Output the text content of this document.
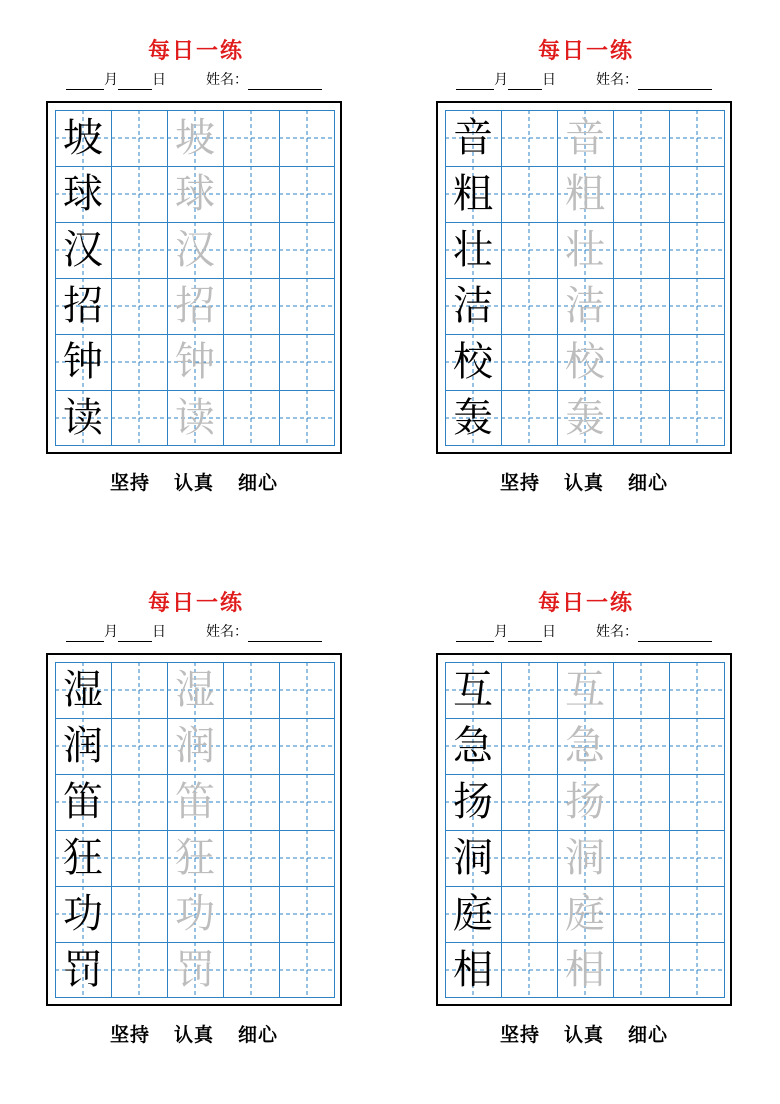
每日一练
月 日	姓名：
坡 坡
球 球
汉 汉
招 招
钟 钟
读 读
坚持 认真 细心
每日一练
月 日	姓名：
音 音
粗 粗
壮 壮
洁 洁
校 校
轰 轰
坚持 认真 细心
每日一练
月 日	姓名：
湿 湿
润 润
笛 笛
狂 狂
功 功
罚 罚
坚持 认真 细心
每日一练
月 日	姓名：
互 互
急 急
扬 扬
洞 洞
庭 庭
相 相
坚持 认真 细心
